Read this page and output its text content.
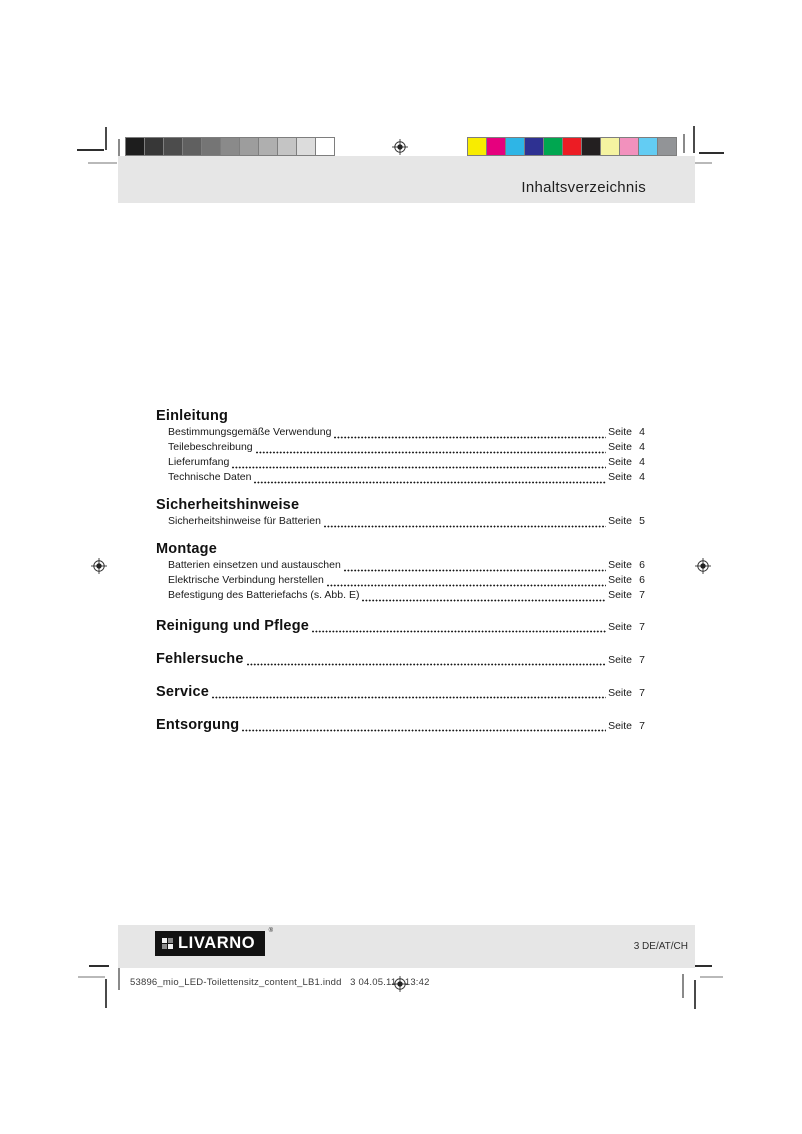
Inhaltsverzeichnis
Einleitung
Bestimmungsgemäße Verwendung	Seite 4
Teilebeschreibung	Seite 4
Lieferumfang	Seite 4
Technische Daten	Seite 4
Sicherheitshinweise
Sicherheitshinweise für Batterien	Seite 5
Montage
Batterien einsetzen und austauschen	Seite 6
Elektrische Verbindung herstellen	Seite 6
Befestigung des Batteriefachs (s. Abb. E)	Seite 7
Reinigung und Pflege	Seite 7
Fehlersuche	Seite 7
Service	Seite 7
Entsorgung	Seite 7
LIVARNO
®
3 DE/AT/CH
53896_mio_LED-Toilettensitz_content_LB1.indd   3 04.05.11   13:42
